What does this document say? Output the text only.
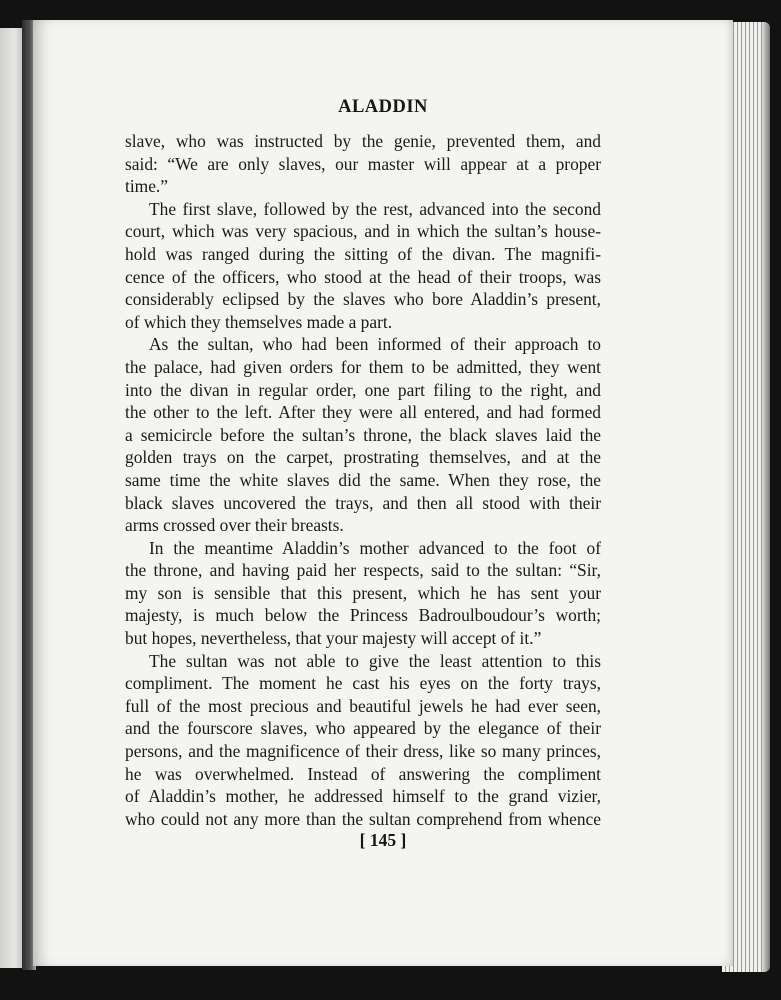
ALADDIN
slave, who was instructed by the genie, prevented them, and
said: “We are only slaves, our master will appear at a proper
time.”
The first slave, followed by the rest, advanced into the second
court, which was very spacious, and in which the sultan’s house-
hold was ranged during the sitting of the divan. The magnifi-
cence of the officers, who stood at the head of their troops, was
considerably eclipsed by the slaves who bore Aladdin’s present,
of which they themselves made a part.
As the sultan, who had been informed of their approach to
the palace, had given orders for them to be admitted, they went
into the divan in regular order, one part filing to the right, and
the other to the left. After they were all entered, and had formed
a semicircle before the sultan’s throne, the black slaves laid the
golden trays on the carpet, prostrating themselves, and at the
same time the white slaves did the same. When they rose, the
black slaves uncovered the trays, and then all stood with their
arms crossed over their breasts.
In the meantime Aladdin’s mother advanced to the foot of
the throne, and having paid her respects, said to the sultan: “Sir,
my son is sensible that this present, which he has sent your
majesty, is much below the Princess Badroulboudour’s worth;
but hopes, nevertheless, that your majesty will accept of it.”
The sultan was not able to give the least attention to this
compliment. The moment he cast his eyes on the forty trays,
full of the most precious and beautiful jewels he had ever seen,
and the fourscore slaves, who appeared by the elegance of their
persons, and the magnificence of their dress, like so many princes,
he was overwhelmed. Instead of answering the compliment
of Aladdin’s mother, he addressed himself to the grand vizier,
who could not any more than the sultan comprehend from whence
[ 145 ]
